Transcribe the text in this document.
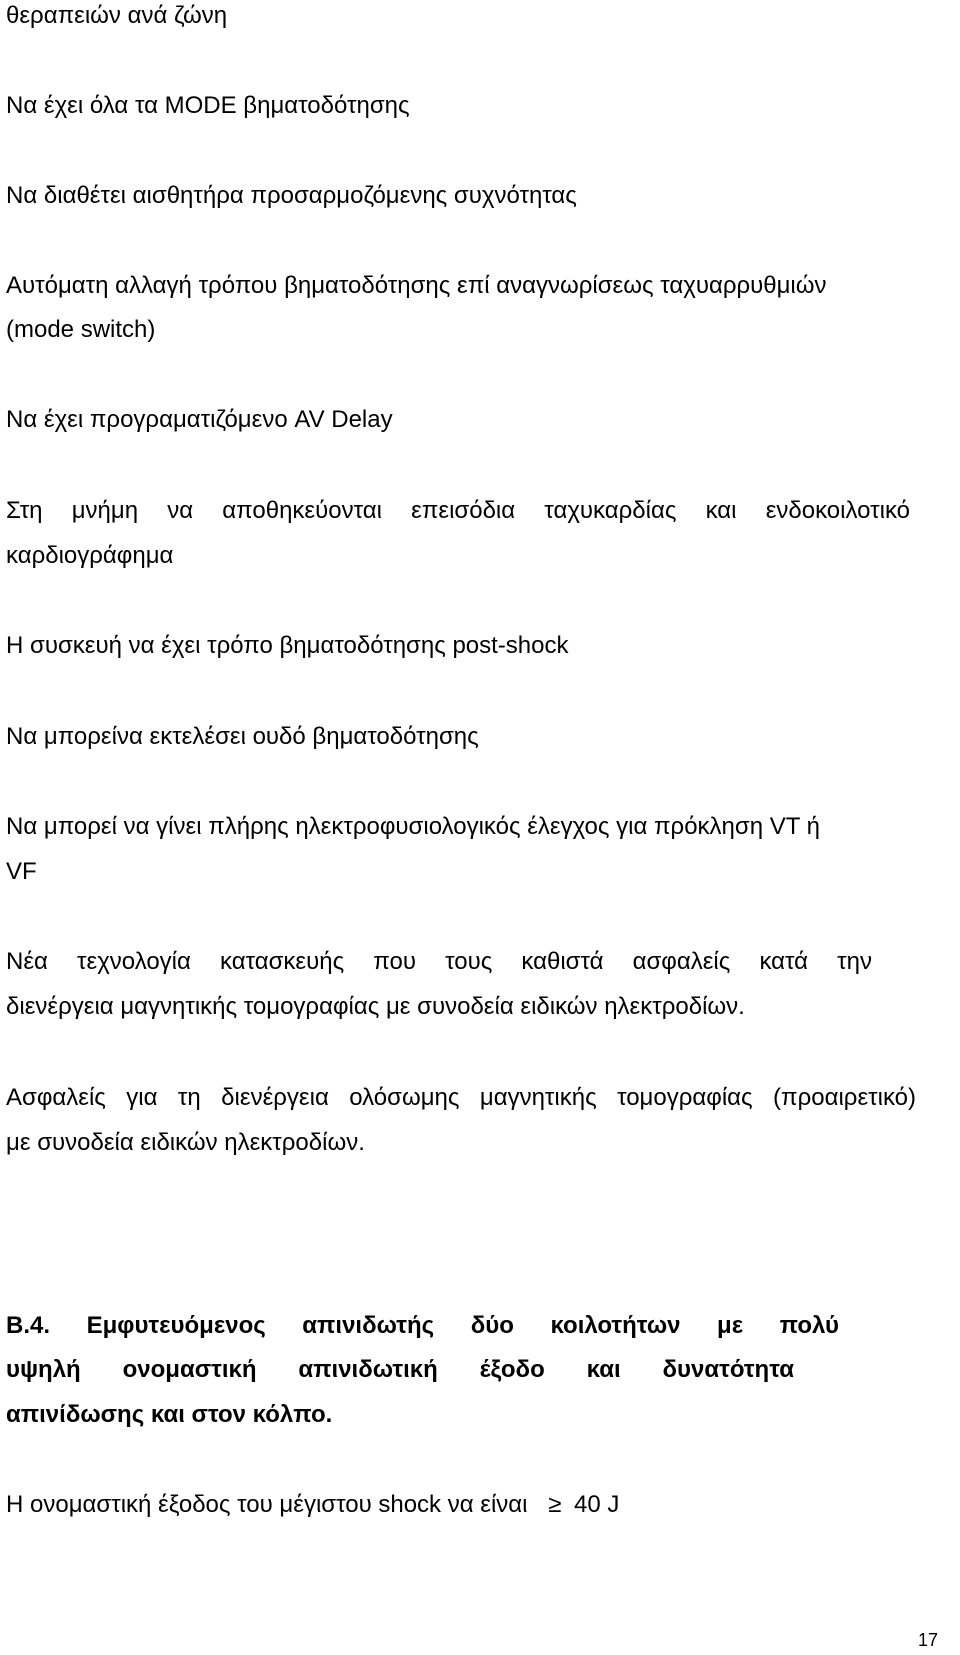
θεραπειών ανά ζώνη
Να έχει όλα τα MODE βηματοδότησης
Να διαθέτει αισθητήρα προσαρμοζόμενης συχνότητας
Αυτόματη αλλαγή τρόπου βηματοδότησης επί αναγνωρίσεως ταχυαρρυθμιών
(mode switch)
Να έχει προγραματιζόμενο AV Delay
Στη μνήμη να αποθηκεύονται επεισόδια ταχυκαρδίας και ενδοκοιλοτικό
καρδιογράφημα
Η συσκευή να έχει τρόπο βηματοδότησης post-shock
Να μπορείνα εκτελέσει ουδό βηματοδότησης
Να μπορεί να γίνει πλήρης ηλεκτροφυσιολογικός έλεγχος για πρόκληση VT ή
VF
Νέα τεχνολογία κατασκευής που τους καθιστά ασφαλείς κατά την
διενέργεια μαγνητικής τομογραφίας με συνοδεία ειδικών ηλεκτροδίων.
Ασφαλείς για τη διενέργεια ολόσωμης μαγνητικής τομογραφίας (προαιρετικό)
με συνοδεία ειδικών ηλεκτροδίων.
B.4. Εμφυτευόμενος απινιδωτής δύο κοιλοτήτων με πολύ
υψηλή ονομαστική απινιδωτική έξοδο και δυνατότητα
απινίδωσης και στον κόλπο.
Η ονομαστική έξοδος του μέγιστου shock να είναι ≥ 40 J
17
